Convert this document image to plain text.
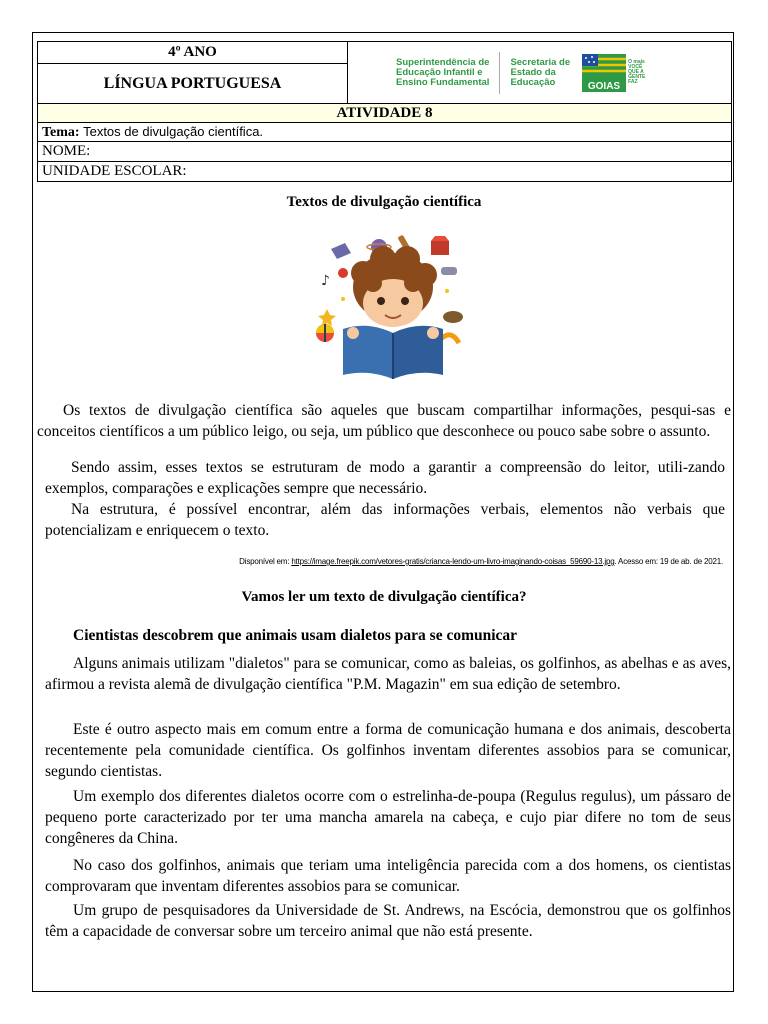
4º ANO	
Superintendência de
Educação Infantil e
Ensino Fundamental
Secretaria de
Estado da
Educação	GOIAS
O mais
VOCÊ
QUE A
GENTE
FAZ

LÍNGUA PORTUGUESA
ATIVIDADE 8
Tema: Textos de divulgação científica.
NOME:
UNIDADE ESCOLAR:
Textos de divulgação científica
♪

Os textos de divulgação científica são aqueles que buscam compartilhar informações, pesqui-sas e conceitos científicos a um público leigo, ou seja, um público que desconhece ou pouco sabe sobre o assunto.

Sendo assim, esses textos se estruturam de modo a garantir a compreensão do leitor, utili-zando exemplos, comparações e explicações sempre que necessário.

Na estrutura, é possível encontrar, além das informações verbais, elementos não verbais que potencializam e enriquecem o texto.

Disponível em: https://image.freepik.com/vetores-gratis/crianca-lendo-um-livro-imaginando-coisas_59690-13.jpg. Acesso em: 19 de ab. de 2021.
Vamos ler um texto de divulgação científica?
Cientistas descobrem que animais usam dialetos para se comunicar

Alguns animais utilizam "dialetos" para se comunicar, como as baleias, os golfinhos, as abelhas e as aves, afirmou a revista alemã de divulgação científica "P.M. Magazin" em sua edição de setembro.

Este é outro aspecto mais em comum entre a forma de comunicação humana e dos animais, descoberta recentemente pela comunidade científica. Os golfinhos inventam diferentes assobios para se comunicar, segundo cientistas.

Um exemplo dos diferentes dialetos ocorre com o estrelinha-de-poupa (Regulus regulus), um pássaro de pequeno porte caracterizado por ter uma mancha amarela na cabeça, e cujo piar difere no tom de seus congêneres da China.

No caso dos golfinhos, animais que teriam uma inteligência parecida com a dos homens, os cientistas comprovaram que inventam diferentes assobios para se comunicar.

Um grupo de pesquisadores da Universidade de St. Andrews, na Escócia, demonstrou que os golfinhos têm a capacidade de conversar sobre um terceiro animal que não está presente.
